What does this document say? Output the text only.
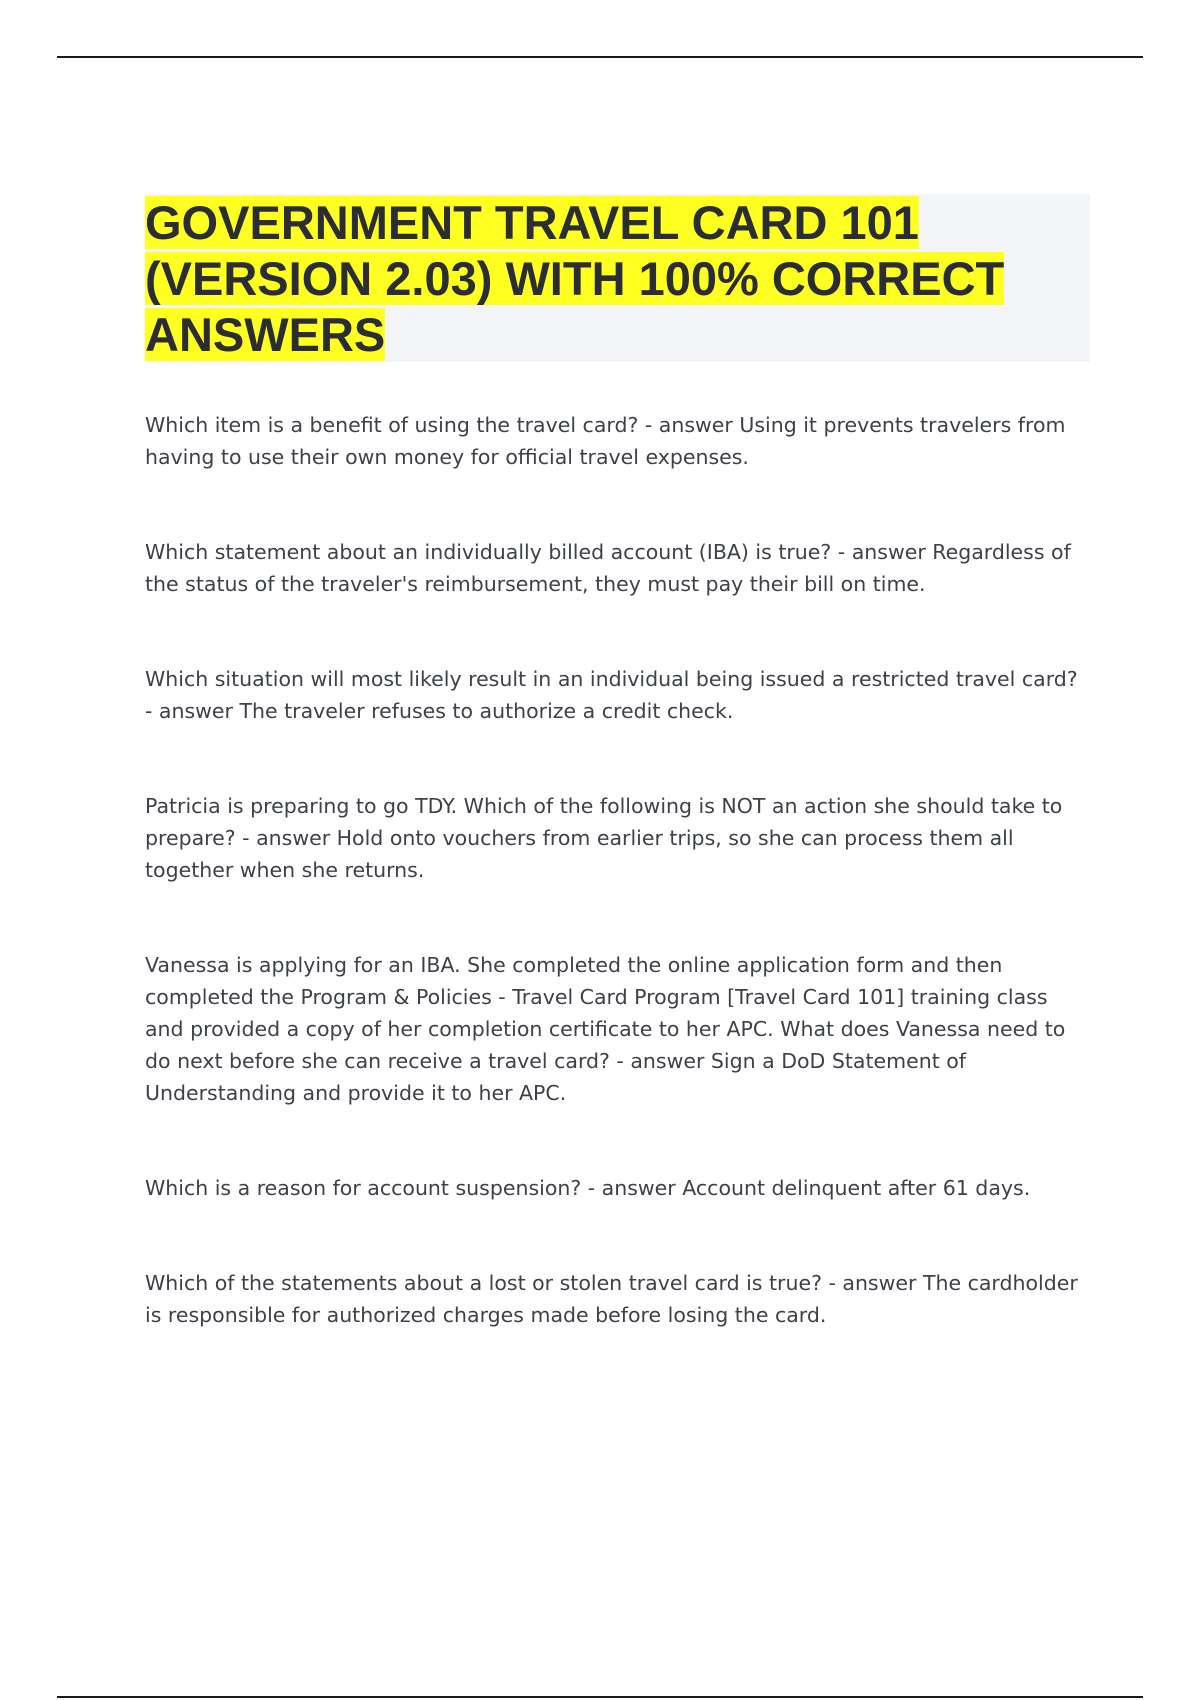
GOVERNMENT TRAVEL CARD 101 (VERSION 2.03) WITH 100% CORRECT ANSWERS

Which item is a benefit of using the travel card? - answer Using it prevents travelers from having to use their own money for official travel expenses.

Which statement about an individually billed account (IBA) is true? - answer Regardless of the status of the traveler's reimbursement, they must pay their bill on time.

Which situation will most likely result in an individual being issued a restricted travel card? - answer The traveler refuses to authorize a credit check.

Patricia is preparing to go TDY. Which of the following is NOT an action she should take to prepare? - answer Hold onto vouchers from earlier trips, so she can process them all together when she returns.

Vanessa is applying for an IBA. She completed the online application form and then completed the Program & Policies - Travel Card Program [Travel Card 101] training class and provided a copy of her completion certificate to her APC. What does Vanessa need to do next before she can receive a travel card? - answer Sign a DoD Statement of Understanding and provide it to her APC.

Which is a reason for account suspension? - answer Account delinquent after 61 days.

Which of the statements about a lost or stolen travel card is true? - answer The cardholder is responsible for authorized charges made before losing the card.
